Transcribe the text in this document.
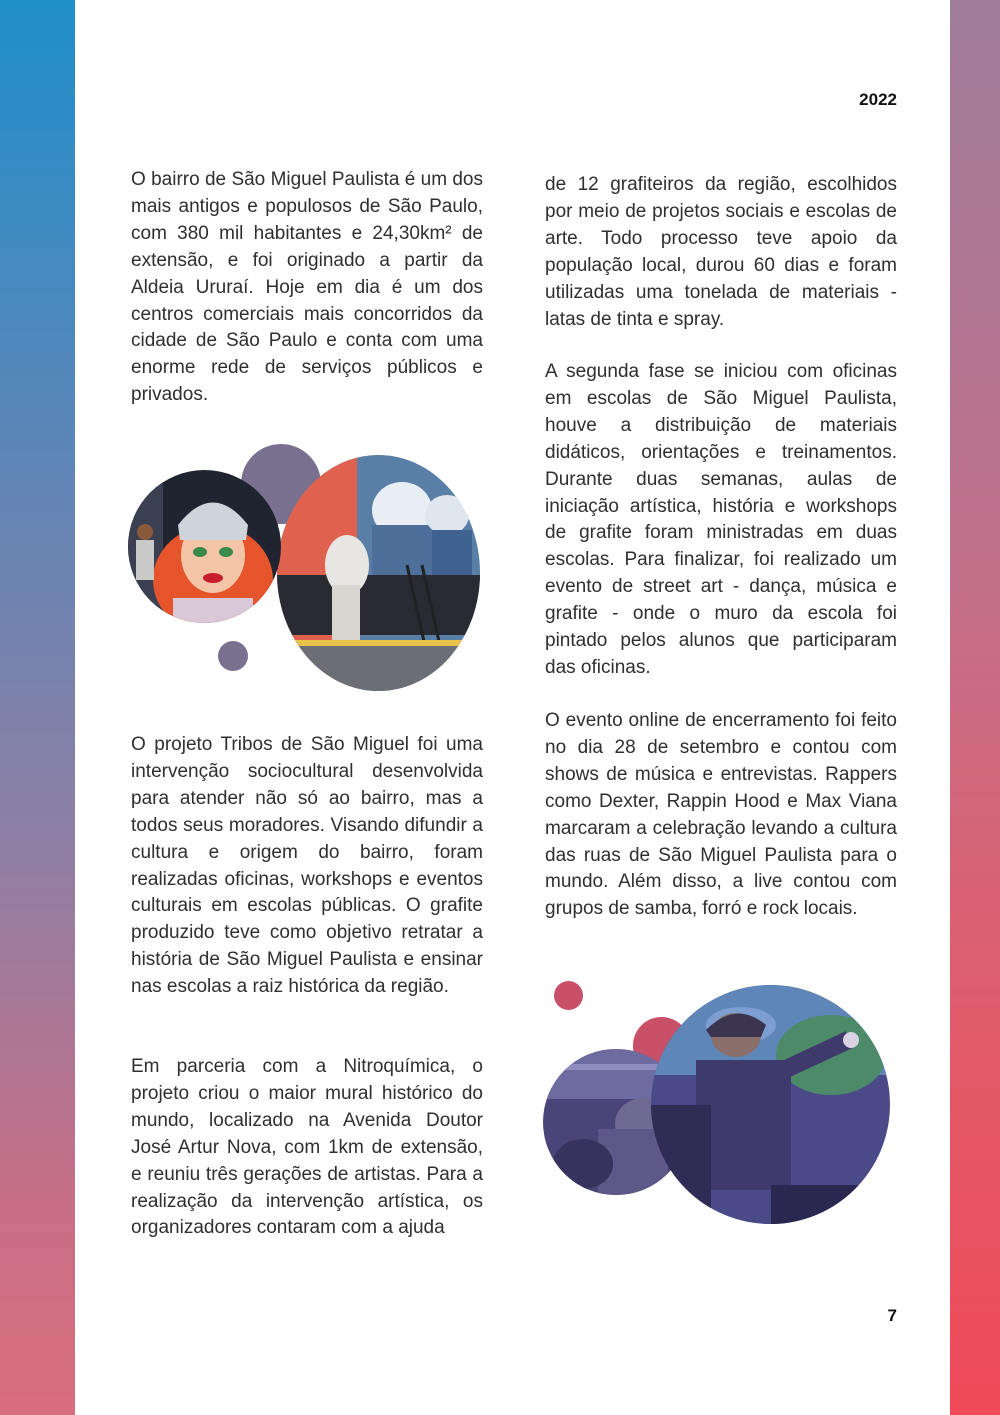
2022

O bairro de São Miguel Paulista é um dos mais antigos e populosos de São Paulo, com 380 mil habitantes e 24,30km² de extensão, e foi originado a partir da Aldeia Ururaí. Hoje em dia é um dos centros comerciais mais concorridos da cidade de São Paulo e conta com uma enorme rede de serviços públicos e privados.

O projeto Tribos de São Miguel foi uma intervenção sociocultural desenvolvida para atender não só ao bairro, mas a todos seus moradores. Visando difundir a cultura e origem do bairro, foram realizadas oficinas, workshops e eventos culturais em escolas públicas. O grafite produzido teve como objetivo retratar a história de São Miguel Paulista e ensinar nas escolas a raiz histórica da região.

Em parceria com a Nitroquímica, o projeto criou o maior mural histórico do mundo, localizado na Avenida Doutor José Artur Nova, com 1km de extensão, e reuniu três gerações de artistas. Para a realização da intervenção artística, os organizadores contaram com a ajuda

de 12 grafiteiros da região, escolhidos por meio de projetos sociais e escolas de arte. Todo processo teve apoio da população local, durou 60 dias e foram utilizadas uma tonelada de materiais - latas de tinta e spray.

A segunda fase se iniciou com oficinas em escolas de São Miguel Paulista, houve a distribuição de materiais didáticos, orientações e treinamentos. Durante duas semanas, aulas de iniciação artística, história e workshops de grafite foram ministradas em duas escolas. Para finalizar, foi realizado um evento de street art - dança, música e grafite - onde o muro da escola foi pintado pelos alunos que participaram das oficinas.

O evento online de encerramento foi feito no dia 28 de setembro e contou com shows de música e entrevistas. Rappers como Dexter, Rappin Hood e Max Viana marcaram a celebração levando a cultura das ruas de São Miguel Paulista para o mundo. Além disso, a live contou com grupos de samba, forró e rock locais.

7
